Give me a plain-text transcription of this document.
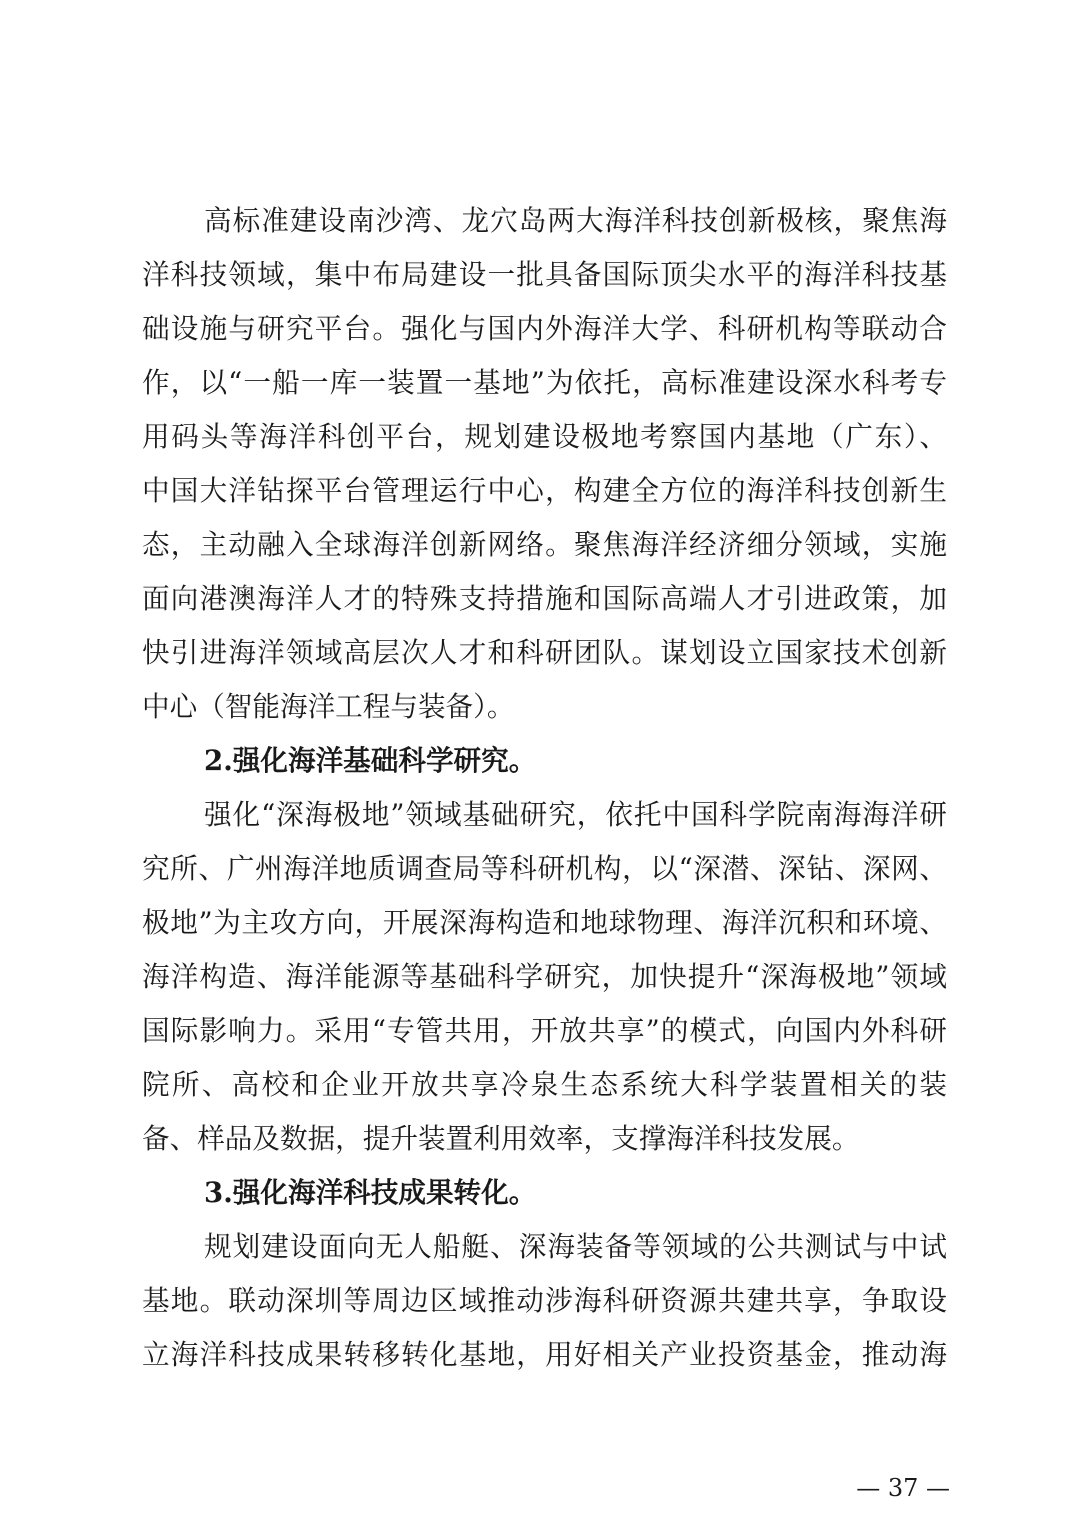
高标准建设南沙湾、龙穴岛两大海洋科技创新极核，聚焦海
洋科技领域，集中布局建设一批具备国际顶尖水平的海洋科技基
础设施与研究平台。强化与国内外海洋大学、科研机构等联动合
作，以“一船一库一装置一基地”为依托，高标准建设深水科考专
用码头等海洋科创平台，规划建设极地考察国内基地（广东）、
中国大洋钻探平台管理运行中心，构建全方位的海洋科技创新生
态，主动融入全球海洋创新网络。聚焦海洋经济细分领域，实施
面向港澳海洋人才的特殊支持措施和国际高端人才引进政策，加
快引进海洋领域高层次人才和科研团队。谋划设立国家技术创新
中心（智能海洋工程与装备）。
2.强化海洋基础科学研究。
强化“深海极地”领域基础研究，依托中国科学院南海海洋研
究所、广州海洋地质调查局等科研机构，以“深潜、深钻、深网、
极地”为主攻方向，开展深海构造和地球物理、海洋沉积和环境、
海洋构造、海洋能源等基础科学研究，加快提升“深海极地”领域
国际影响力。采用“专管共用，开放共享”的模式，向国内外科研
院所、高校和企业开放共享冷泉生态系统大科学装置相关的装
备、样品及数据，提升装置利用效率，支撑海洋科技发展。
3.强化海洋科技成果转化。
规划建设面向无人船艇、深海装备等领域的公共测试与中试
基地。联动深圳等周边区域推动涉海科研资源共建共享，争取设
立海洋科技成果转移转化基地，用好相关产业投资基金，推动海
— 37 —
